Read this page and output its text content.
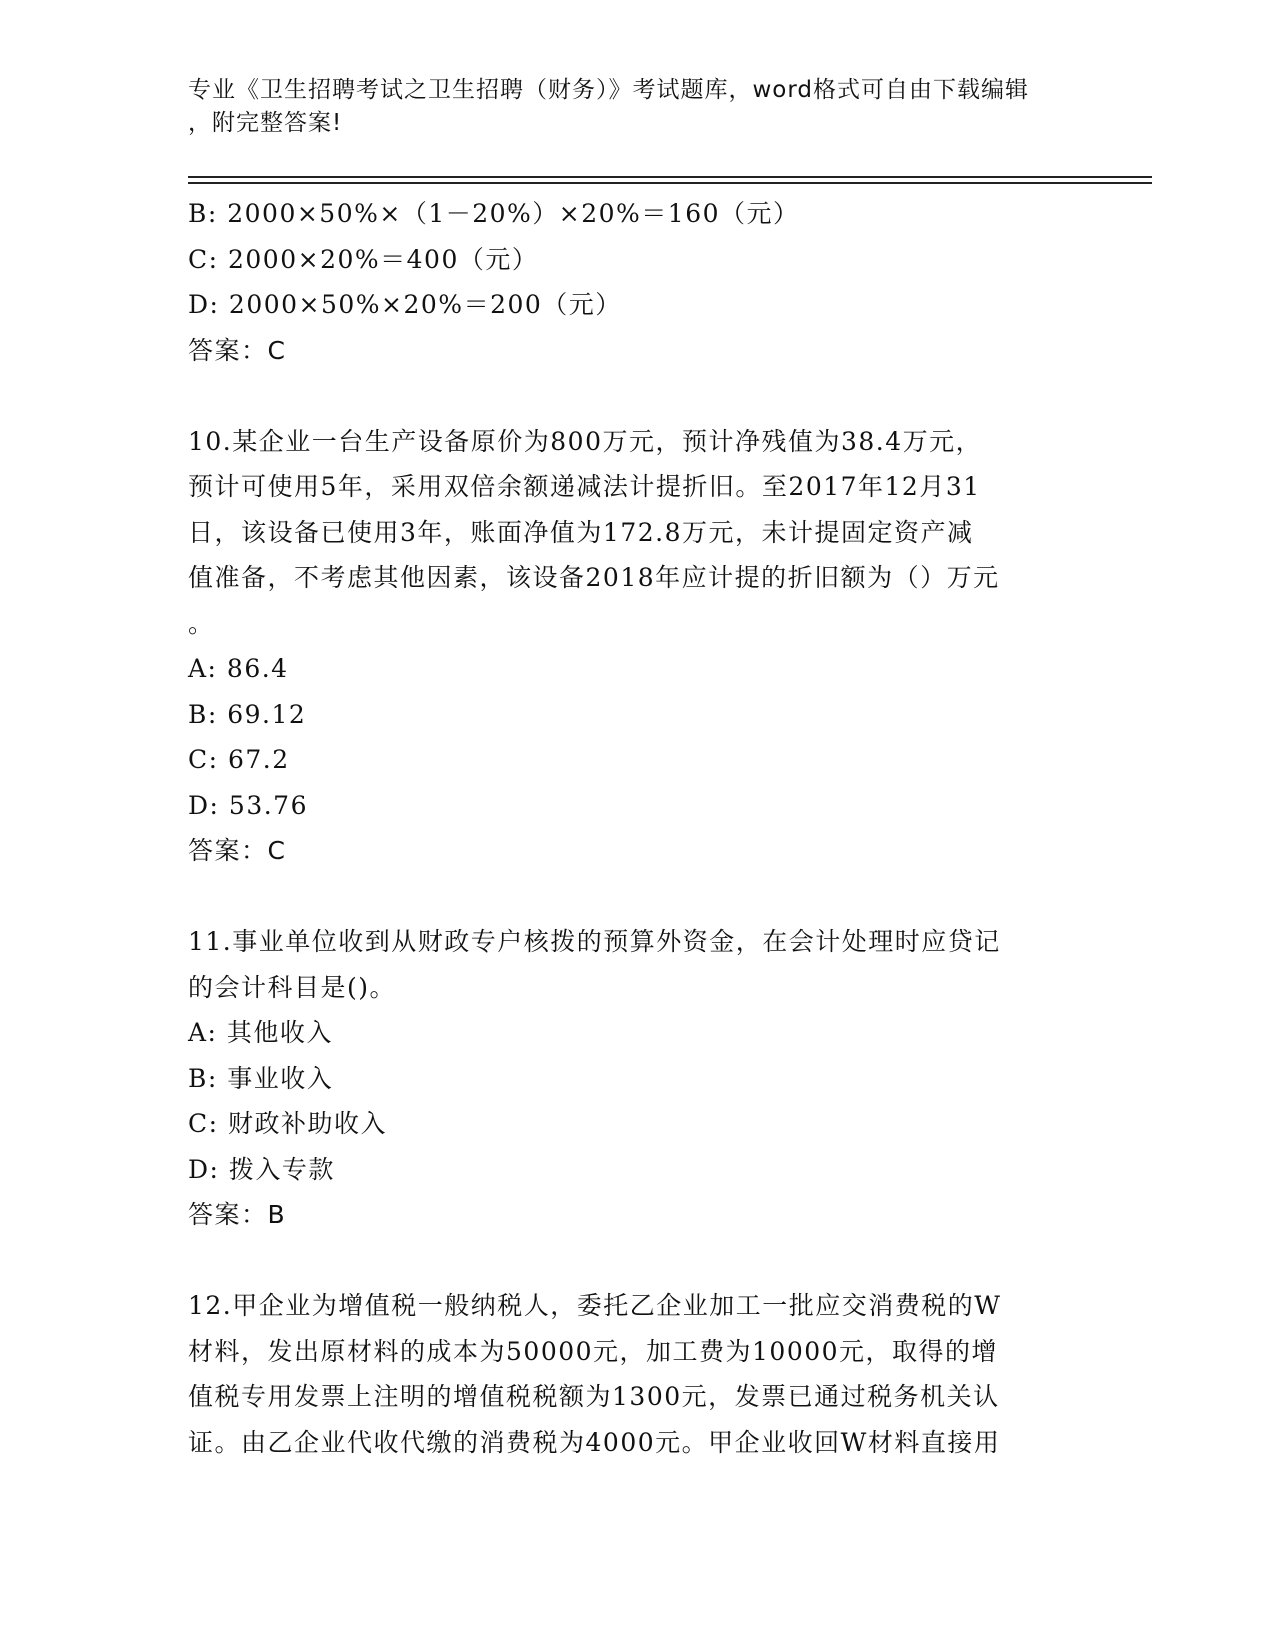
专业《卫生招聘考试之卫生招聘（财务）》考试题库，word格式可自由下载编辑
，附完整答案!
B: 2000×50%×（1－20%）×20%＝160（元）
C: 2000×20%＝400（元）
D: 2000×50%×20%＝200（元）
答案：C
10.某企业一台生产设备原价为800万元，预计净残值为38.4万元，
预计可使用5年，采用双倍余额递减法计提折旧。至2017年12月31
日，该设备已使用3年，账面净值为172.8万元，未计提固定资产减
值准备，不考虑其他因素，该设备2018年应计提的折旧额为（）万元
。
A: 86.4
B: 69.12
C: 67.2
D: 53.76
答案：C
11.事业单位收到从财政专户核拨的预算外资金，在会计处理时应贷记
的会计科目是()。
A: 其他收入
B: 事业收入
C: 财政补助收入
D: 拨入专款
答案：B
12.甲企业为增值税一般纳税人，委托乙企业加工一批应交消费税的W
材料，发出原材料的成本为50000元，加工费为10000元，取得的增
值税专用发票上注明的增值税税额为1300元，发票已通过税务机关认
证。由乙企业代收代缴的消费税为4000元。甲企业收回W材料直接用
